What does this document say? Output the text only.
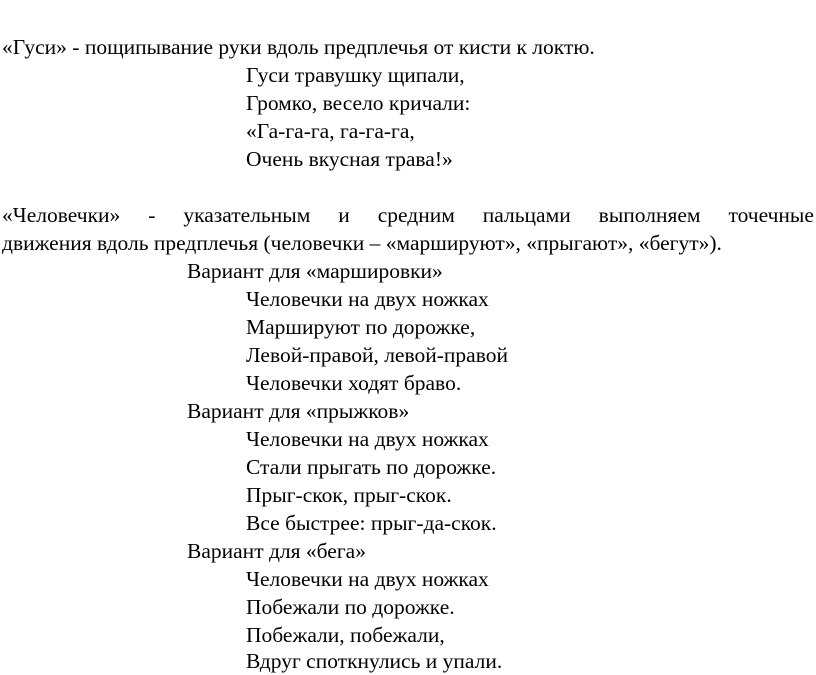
«Гуси» - пощипывание руки вдоль предплечья от кисти к локтю.
Гуси травушку щипали,
Громко, весело кричали:
«Га-га-га, га-га-га,
Очень вкусная трава!»
«Человечки» - указательным и средним пальцами выполняем точечные
движения вдоль предплечья (человечки – «маршируют», «прыгают», «бегут»).
Вариант для «маршировки»
Человечки на двух ножках
Маршируют по дорожке,
Левой-правой, левой-правой
Человечки ходят браво.
Вариант для «прыжков»
Человечки на двух ножках
Стали прыгать по дорожке.
Прыг-скок, прыг-скок.
Все быстрее: прыг-да-скок.
Вариант для «бега»
Человечки на двух ножках
Побежали по дорожке.
Побежали, побежали,
Вдруг споткнулись и упали.
